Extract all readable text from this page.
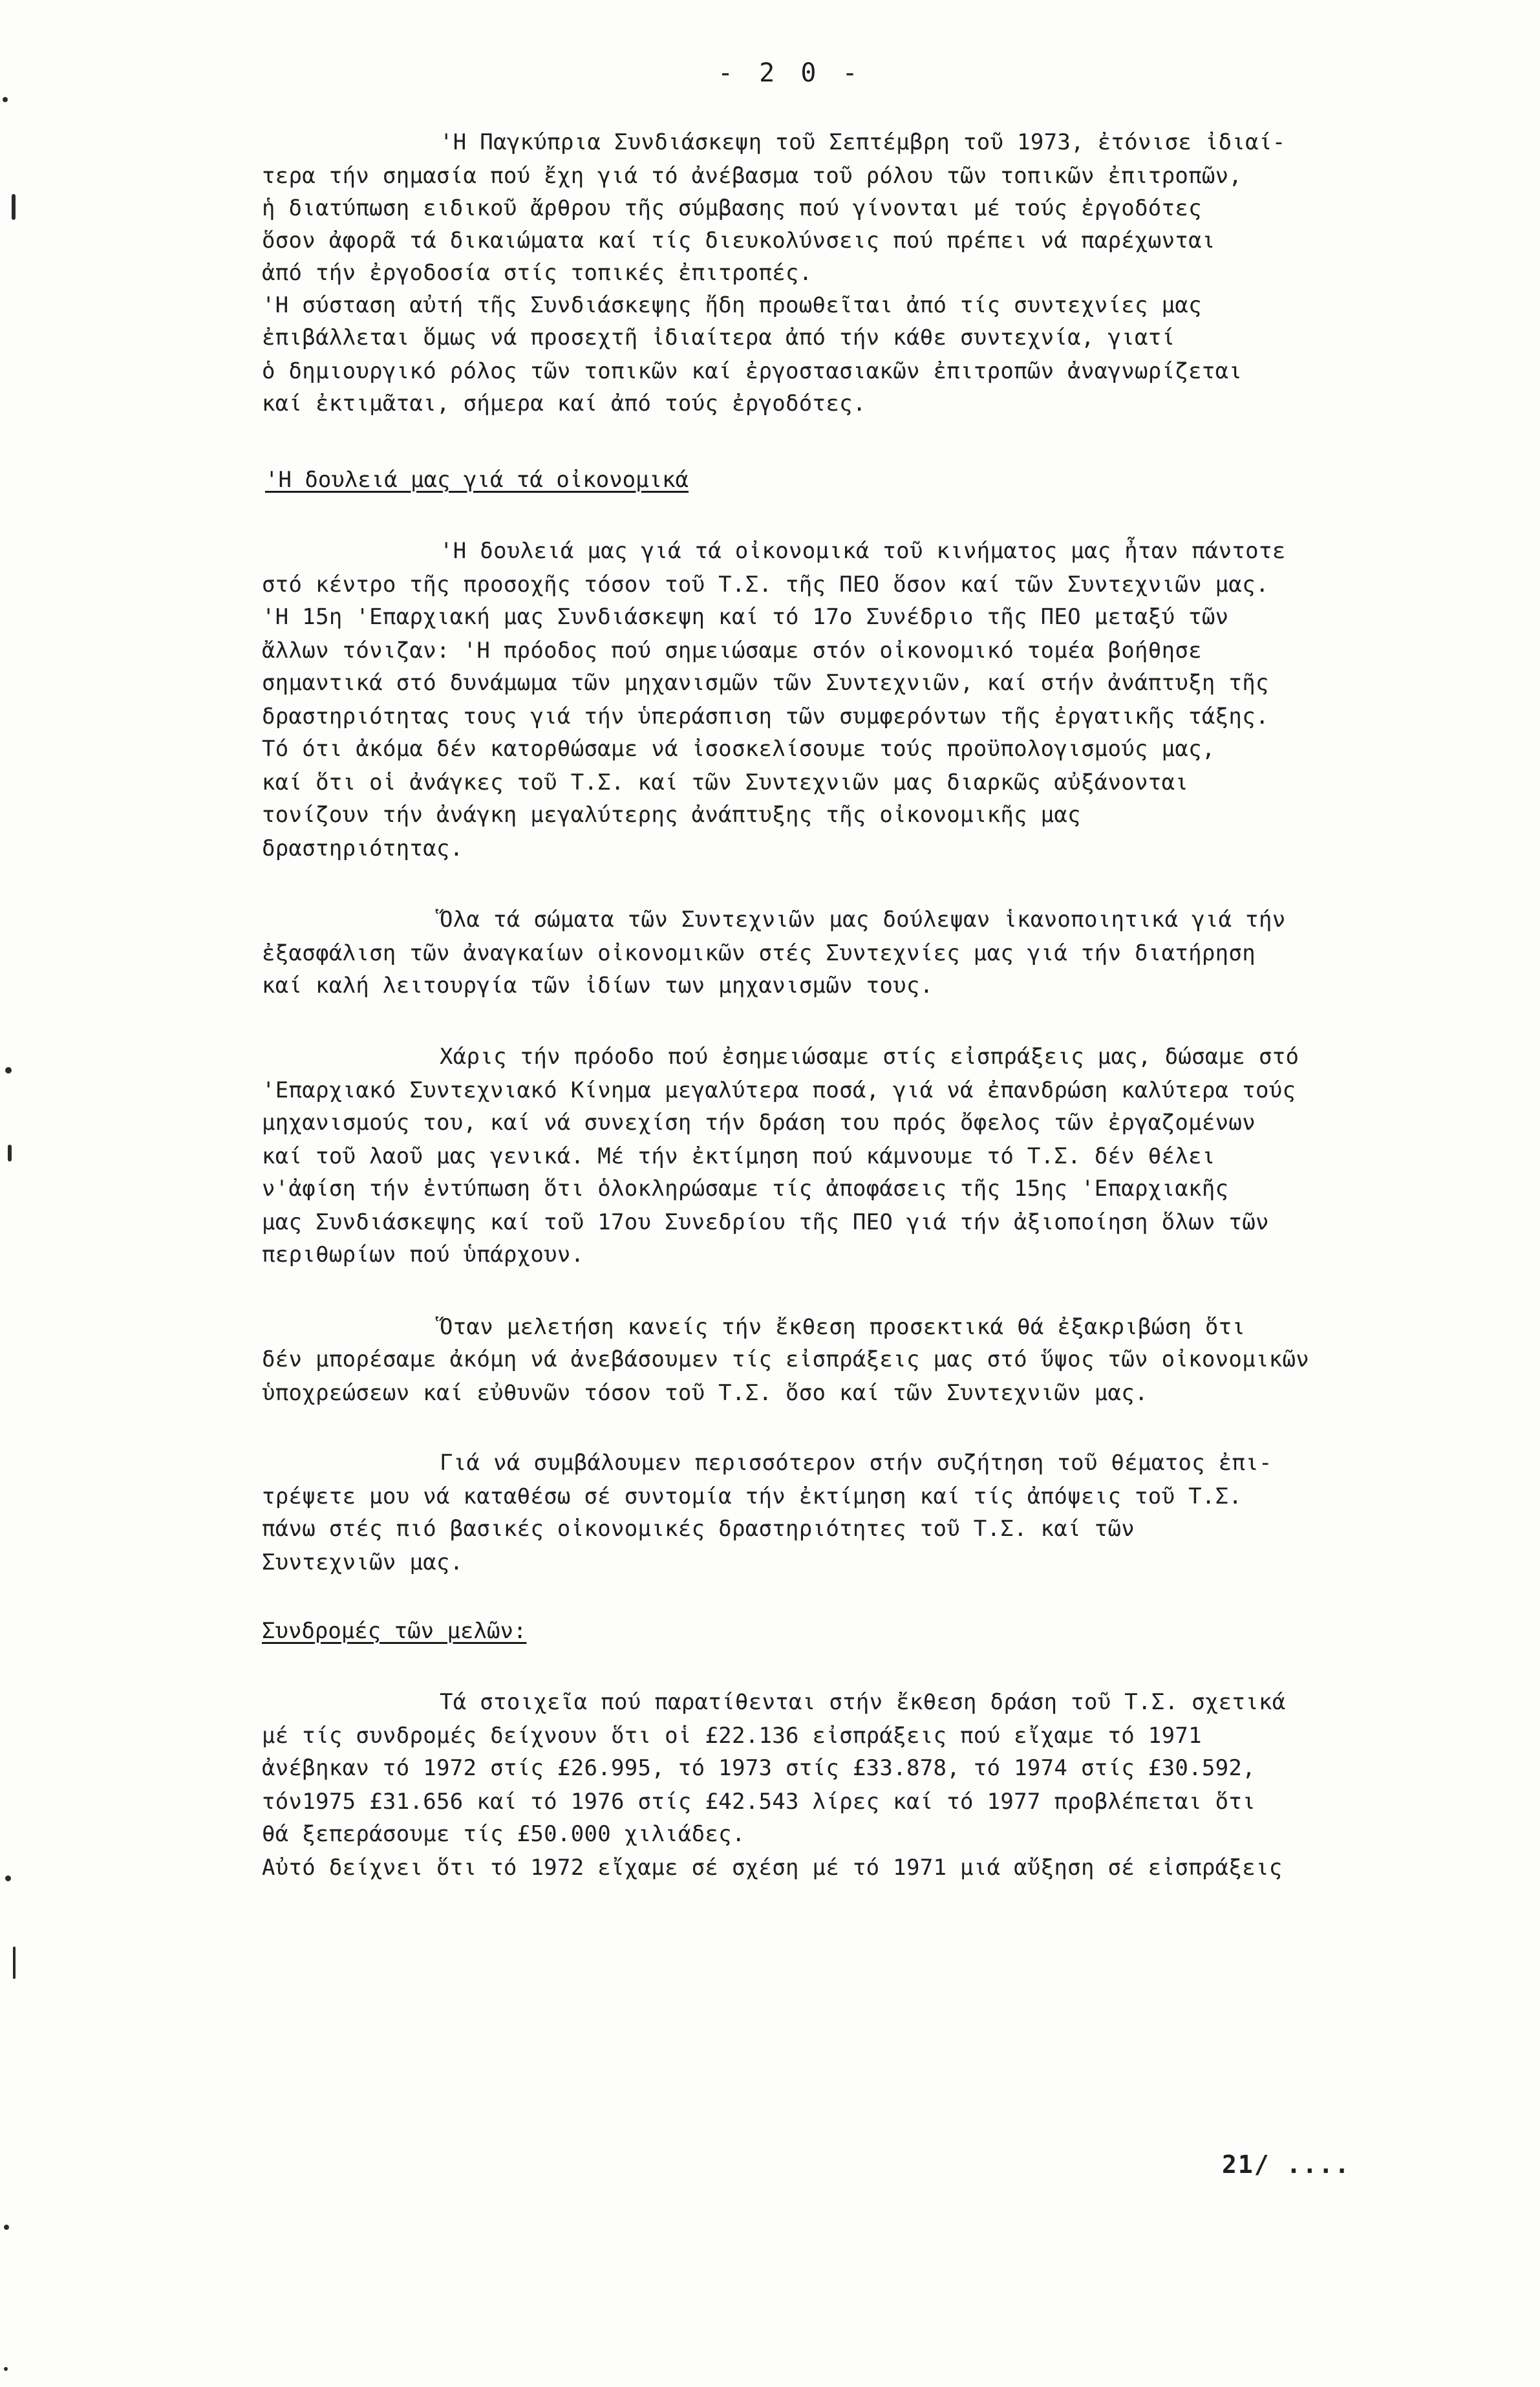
- 2 0 -
'Η Παγκύπρια Συνδιάσκεψη τοῦ Σεπτέμβρη τοῦ 1973, ἐτόνισε ἰδιαί-
τερα τήν σημασία πού ἔχη γιά τό ἀνέβασμα τοῦ ρόλου τῶν τοπικῶν ἐπιτροπῶν,
ἡ διατύπωση ειδικοῦ ἄρθρου τῆς σύμβασης πού γίνονται μέ τούς ἐργοδότες
ὅσον ἀφορᾶ τά δικαιώματα καί τίς διευκολύνσεις πού πρέπει νά παρέχωνται
ἀπό τήν ἐργοδοσία στίς τοπικές ἐπιτροπές.
'Η σύσταση αὐτή τῆς Συνδιάσκεψης ἤδη προωθεῖται ἀπό τίς συντεχνίες μας
ἐπιβάλλεται ὅμως νά προσεχτῆ ἰδιαίτερα ἀπό τήν κάθε συντεχνία, γιατί
ὁ δημιουργικό ρόλος τῶν τοπικῶν καί ἐργοστασιακῶν ἐπιτροπῶν ἀναγνωρίζεται
καί ἐκτιμᾶται, σήμερα καί ἀπό τούς ἐργοδότες.
'Η δουλειά μας γιά τά οἰκονομικά
'Η δουλειά μας γιά τά οἰκονομικά τοῦ κινήματος μας ἦταν πάντοτε
στό κέντρο τῆς προσοχῆς τόσον τοῦ Τ.Σ. τῆς ΠΕΟ ὅσον καί τῶν Συντεχνιῶν μας.
'Η 15η 'Επαρχιακή μας Συνδιάσκεψη καί τό 17ο Συνέδριο τῆς ΠΕΟ μεταξύ τῶν
ἄλλων τόνιζαν: 'Η πρόοδος πού σημειώσαμε στόν οἰκονομικό τομέα βοήθησε
σημαντικά στό δυνάμωμα τῶν μηχανισμῶν τῶν Συντεχνιῶν, καί στήν ἀνάπτυξη τῆς
δραστηριότητας τους γιά τήν ὑπεράσπιση τῶν συμφερόντων τῆς ἐργατικῆς τάξης.
Τό ότι ἀκόμα δέν κατορθώσαμε νά ἰσοσκελίσουμε τούς προϋπολογισμούς μας,
καί ὅτι οἱ ἀνάγκες τοῦ Τ.Σ. καί τῶν Συντεχνιῶν μας διαρκῶς αὐξάνονται
τονίζουν τήν ἀνάγκη μεγαλύτερης ἀνάπτυξης τῆς οἰκονομικῆς μας
δραστηριότητας.
Ὅλα τά σώματα τῶν Συντεχνιῶν μας δούλεψαν ἱκανοποιητικά γιά τήν
ἐξασφάλιση τῶν ἀναγκαίων οἰκονομικῶν στές Συντεχνίες μας γιά τήν διατήρηση
καί καλή λειτουργία τῶν ἰδίων των μηχανισμῶν τους.
Χάρις τήν πρόοδο πού ἐσημειώσαμε στίς εἰσπράξεις μας, δώσαμε στό
'Επαρχιακό Συντεχνιακό Κίνημα μεγαλύτερα ποσά, γιά νά ἐπανδρώση καλύτερα τούς
μηχανισμούς του, καί νά συνεχίση τήν δράση του πρός ὄφελος τῶν ἐργαζομένων
καί τοῦ λαοῦ μας γενικά. Μέ τήν ἐκτίμηση πού κάμνουμε τό Τ.Σ. δέν θέλει
ν'ἀφίση τήν ἐντύπωση ὅτι ὁλοκληρώσαμε τίς ἀποφάσεις τῆς 15ης 'Επαρχιακῆς
μας Συνδιάσκεψης καί τοῦ 17ου Συνεδρίου τῆς ΠΕΟ γιά τήν ἀξιοποίηση ὅλων τῶν
περιθωρίων πού ὑπάρχουν.
Ὅταν μελετήση κανείς τήν ἔκθεση προσεκτικά θά ἐξακριβώση ὅτι
δέν μπορέσαμε ἀκόμη νά ἀνεβάσουμεν τίς εἰσπράξεις μας στό ὕψος τῶν οἰκονομικῶν
ὑποχρεώσεων καί εὐθυνῶν τόσον τοῦ Τ.Σ. ὅσο καί τῶν Συντεχνιῶν μας.
Γιά νά συμβάλουμεν περισσότερον στήν συζήτηση τοῦ θέματος ἐπι-
τρέψετε μου νά καταθέσω σέ συντομία τήν ἐκτίμηση καί τίς ἀπόψεις τοῦ Τ.Σ.
πάνω στές πιό βασικές οἰκονομικές δραστηριότητες τοῦ Τ.Σ. καί τῶν
Συντεχνιῶν μας.
Συνδρομές τῶν μελῶν:
Τά στοιχεῖα πού παρατίθενται στήν ἔκθεση δράση τοῦ Τ.Σ. σχετικά
μέ τίς συνδρομές δείχνουν ὅτι οἱ £22.136 εἰσπράξεις πού εἴχαμε τό 1971
ἀνέβηκαν τό 1972 στίς £26.995, τό 1973 στίς £33.878, τό 1974 στίς £30.592,
τόν1975 £31.656 καί τό 1976 στίς £42.543 λίρες καί τό 1977 προβλέπεται ὅτι
θά ξεπεράσουμε τίς £50.000 χιλιάδες.
Αὐτό δείχνει ὅτι τό 1972 εἴχαμε σέ σχέση μέ τό 1971 μιά αὔξηση σέ εἰσπράξεις
21/ ....
